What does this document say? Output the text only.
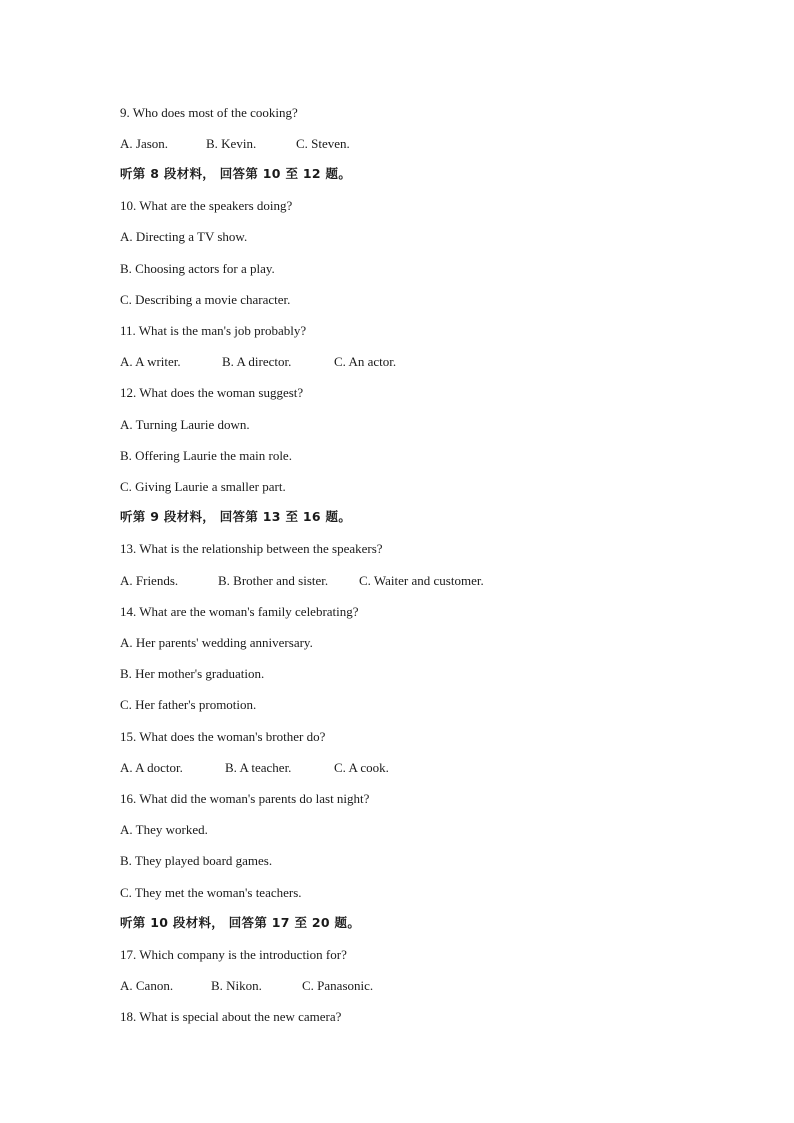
9. Who does most of the cooking?
A. Jason.	B. Kevin.	C. Steven.
听第 8 段材料， 回答第 10 至 12 题。
10. What are the speakers doing?
A. Directing a TV show.
B. Choosing actors for a play.
C. Describing a movie character.
11. What is the man's job probably?
A. A writer.	B. A director.	C. An actor.
12. What does the woman suggest?
A. Turning Laurie down.
B. Offering Laurie the main role.
C. Giving Laurie a smaller part.
听第 9 段材料， 回答第 13 至 16 题。
13. What is the relationship between the speakers?
A. Friends.	B. Brother and sister. C. Waiter and customer.
14. What are the woman's family celebrating?
A. Her parents' wedding anniversary.
B. Her mother's graduation.
C. Her father's promotion.
15. What does the woman's brother do?
A. A doctor.	B. A teacher.	C. A cook.
16. What did the woman's parents do last night?
A. They worked.
B. They played board games.
C. They met the woman's teachers.
听第 10 段材料， 回答第 17 至 20 题。
17. Which company is the introduction for?
A. Canon.	B. Nikon.	C. Panasonic.
18. What is special about the new camera?
